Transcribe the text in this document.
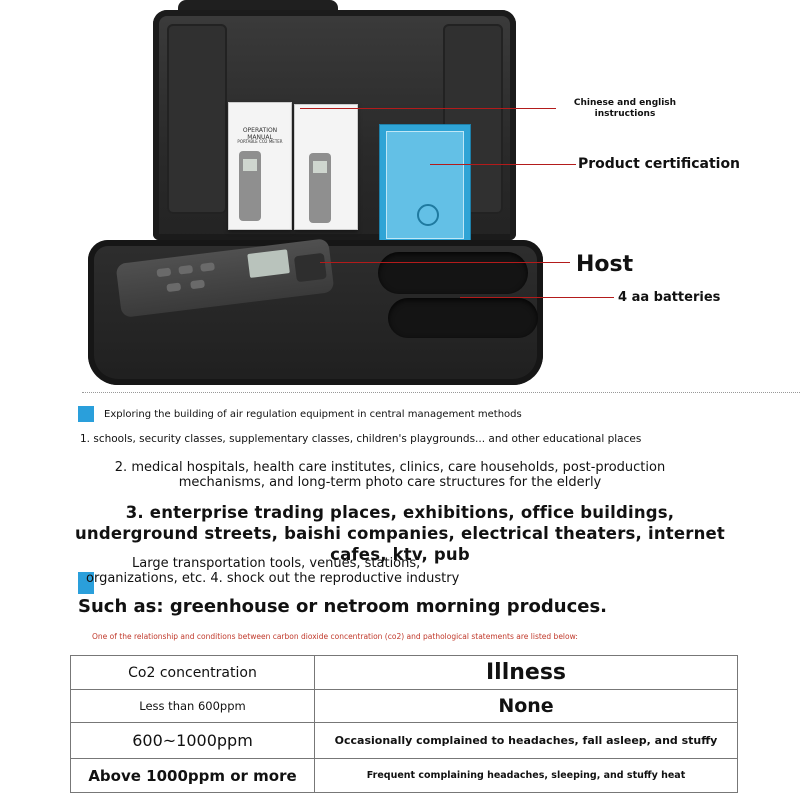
OPERATION MANUAL
PORTABLE CO2 METER
Chinese and english instructions
Product certification
Host
4 aa batteries
Exploring the building of air regulation equipment in central management methods
1. schools, security classes, supplementary classes, children's playgrounds... and other educational places
2. medical hospitals, health care institutes, clinics, care households, post-production mechanisms, and long-term photo care structures for the elderly
3. enterprise trading places, exhibitions, office buildings, underground streets, baishi companies, electrical theaters, internet cafes, ktv, pub
Large transportation tools, venues, stations,
organizations, etc. 4. shock out the reproductive industry
Such as: greenhouse or netroom morning produces.
One of the relationship and conditions between carbon dioxide concentration (co2) and pathological statements are listed below:
Co2 concentration	Illness
Less than 600ppm	None
600~1000ppm	Occasionally complained to headaches, fall asleep, and stuffy
Above 1000ppm or more	Frequent complaining headaches, sleeping, and stuffy heat
